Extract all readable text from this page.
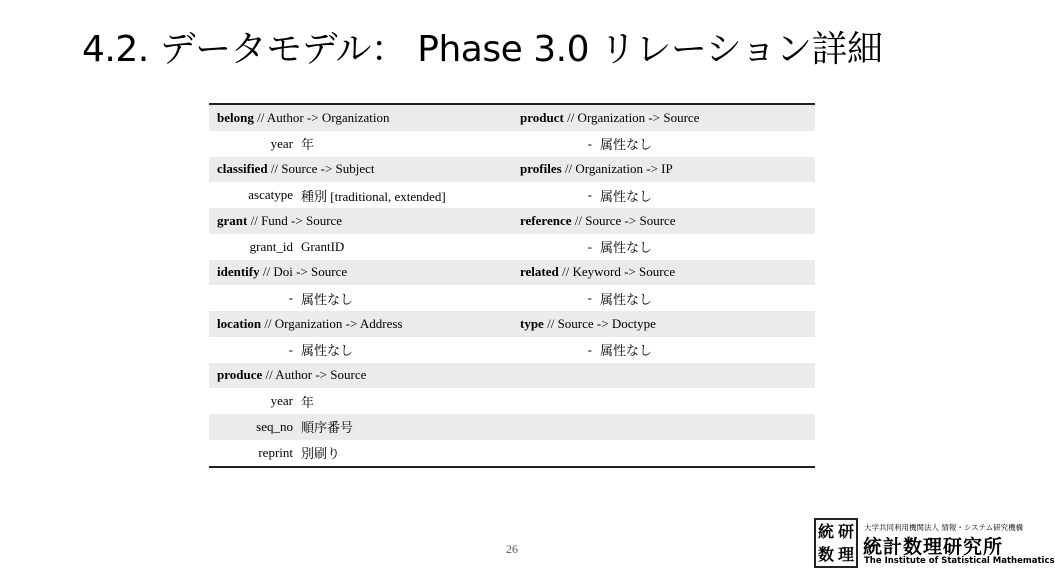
4.2. データモデル： Phase 3.0 リレーション詳細
belong // Author -> Organization	product // Organization -> Source
year 年	- 属性なし
classified // Source -> Subject	profiles // Organization -> IP
ascatype 種別 [traditional, extended]	- 属性なし
grant // Fund -> Source	reference // Source -> Source
grant_id GrantID	- 属性なし
identify // Doi -> Source	related // Keyword -> Source
- 属性なし	- 属性なし
location // Organization -> Address	type // Source -> Doctype
- 属性なし	- 属性なし
produce // Author -> Source
year 年
seq_no 順序番号
reprint 別刷り
26
統 研
数 理
大学共同利用機関法人 情報・システム研究機構
統計数理研究所
The Institute of Statistical Mathematics
